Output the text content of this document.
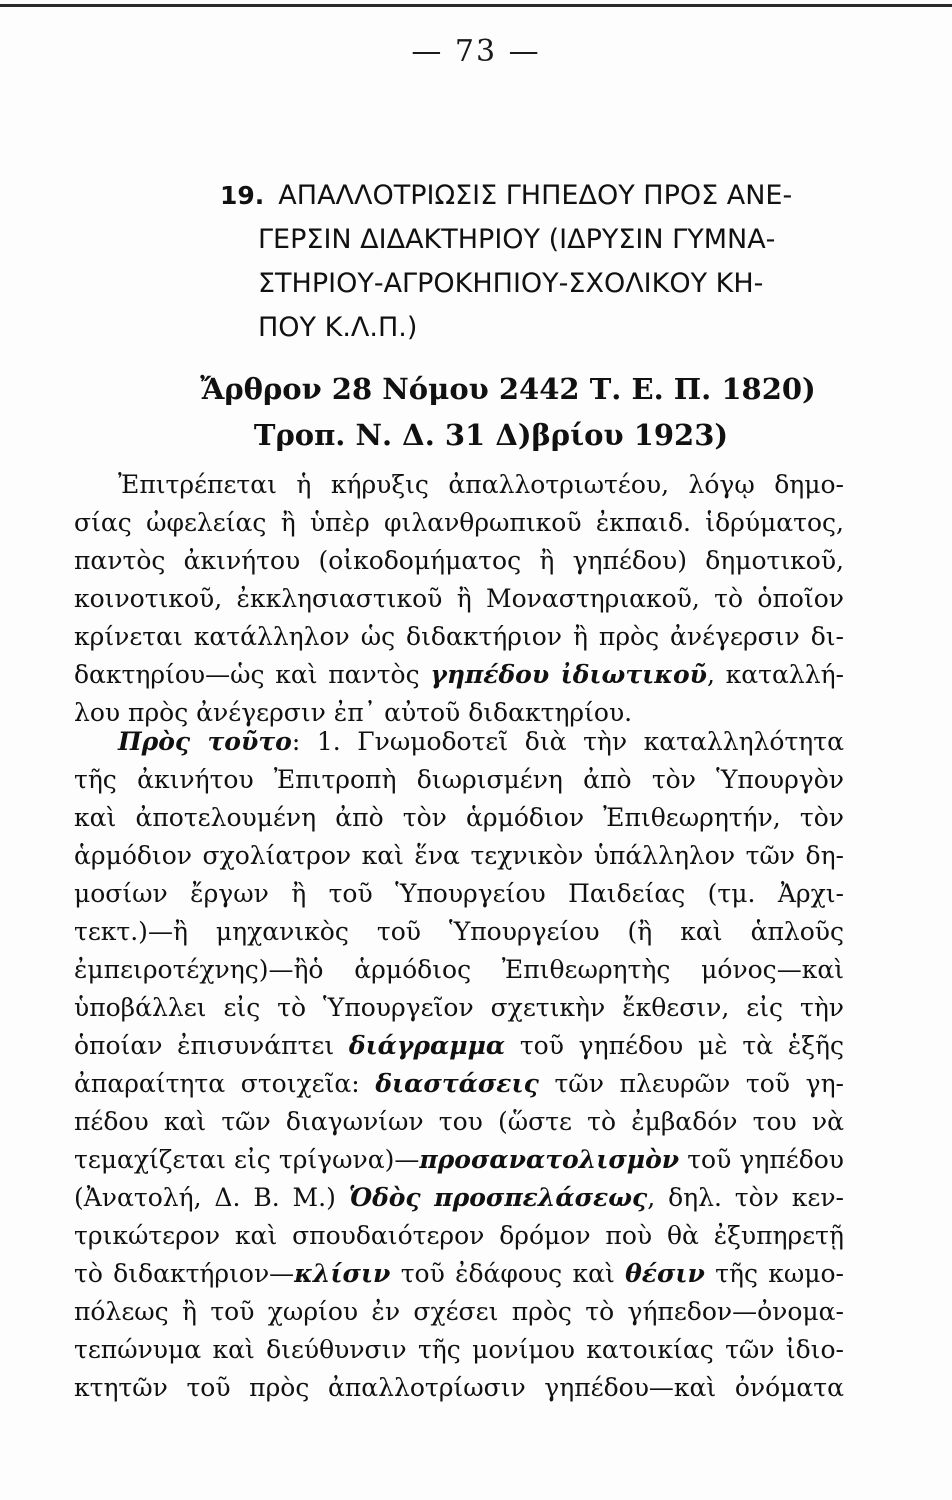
— 73 —
19. ΑΠΑΛΛΟΤΡΙΩΣΙΣ ΓΗΠΕΔΟΥ ΠΡΟΣ ΑΝΕ-
ΓΕΡΣΙΝ ΔΙΔΑΚΤΗΡΙΟΥ (ΙΔΡΥΣΙΝ ΓΥΜΝΑ-
ΣΤΗΡΙΟΥ-ΑΓΡΟΚΗΠΙΟΥ-ΣΧΟΛΙΚΟΥ ΚΗ-
ΠΟΥ Κ.Λ.Π.)
Ἄρθρον 28 Νόμου 2442 Τ. Ε. Π. 1820)
Τροπ. Ν. Δ. 31 Δ)βρίου 1923)
Ἐπιτρέπεται ἡ κήρυξις ἀπαλλοτριωτέου, λόγῳ δημο-
σίας ὠφελείας ἢ ὑπὲρ φιλανθρωπικοῦ ἐκπαιδ. ἱδρύματος,
παντὸς ἀκινήτου (οἰκοδομήματος ἢ γηπέδου) δημοτικοῦ,
κοινοτικοῦ, ἐκκλησιαστικοῦ ἢ Μοναστηριακοῦ, τὸ ὁποῖον
κρίνεται κατάλληλον ὡς διδακτήριον ἢ πρὸς ἀνέγερσιν δι-
δακτηρίου—ὡς καὶ παντὸς γηπέδου ἰδιωτικοῦ, καταλλή-
λου πρὸς ἀνέγερσιν ἐπ᾿ αὐτοῦ διδακτηρίου.
Πρὸς τοῦτο: 1. Γνωμοδοτεῖ διὰ τὴν καταλληλότητα
τῆς ἀκινήτου Ἐπιτροπὴ διωρισμένη ἀπὸ τὸν Ὑπουργὸν
καὶ ἀποτελουμένη ἀπὸ τὸν ἁρμόδιον Ἐπιθεωρητήν, τὸν
ἁρμόδιον σχολίατρον καὶ ἕνα τεχνικὸν ὑπάλληλον τῶν δη-
μοσίων ἔργων ἢ τοῦ Ὑπουργείου Παιδείας (τμ. Ἀρχι-
τεκτ.)—ἢ μηχανικὸς τοῦ Ὑπουργείου (ἢ καὶ ἁπλοῦς
ἐμπειροτέχνης)—ἢὁ ἁρμόδιος Ἐπιθεωρητὴς μόνος—καὶ
ὑποβάλλει εἰς τὸ Ὑπουργεῖον σχετικὴν ἔκθεσιν, εἰς τὴν
ὁποίαν ἐπισυνάπτει διάγραμμα τοῦ γηπέδου μὲ τὰ ἑξῆς
ἀπαραίτητα στοιχεῖα: διαστάσεις τῶν πλευρῶν τοῦ γη-
πέδου καὶ τῶν διαγωνίων του (ὥστε τὸ ἐμβαδόν του νὰ
τεμαχίζεται εἰς τρίγωνα)—προσανατολισμὸν τοῦ γηπέδου
(Ἀνατολή, Δ. Β. Μ.) Ὁδὸς προσπελάσεως, δηλ. τὸν κεν-
τρικώτερον καὶ σπουδαιότερον δρόμον ποὺ θὰ ἐξυπηρετῇ
τὸ διδακτήριον—κλίσιν τοῦ ἐδάφους καὶ θέσιν τῆς κωμο-
πόλεως ἢ τοῦ χωρίου ἐν σχέσει πρὸς τὸ γήπεδον—ὀνομα-
τεπώνυμα καὶ διεύθυνσιν τῆς μονίμου κατοικίας τῶν ἰδιο-
κτητῶν τοῦ πρὸς ἀπαλλοτρίωσιν γηπέδου—καὶ ὀνόματα
